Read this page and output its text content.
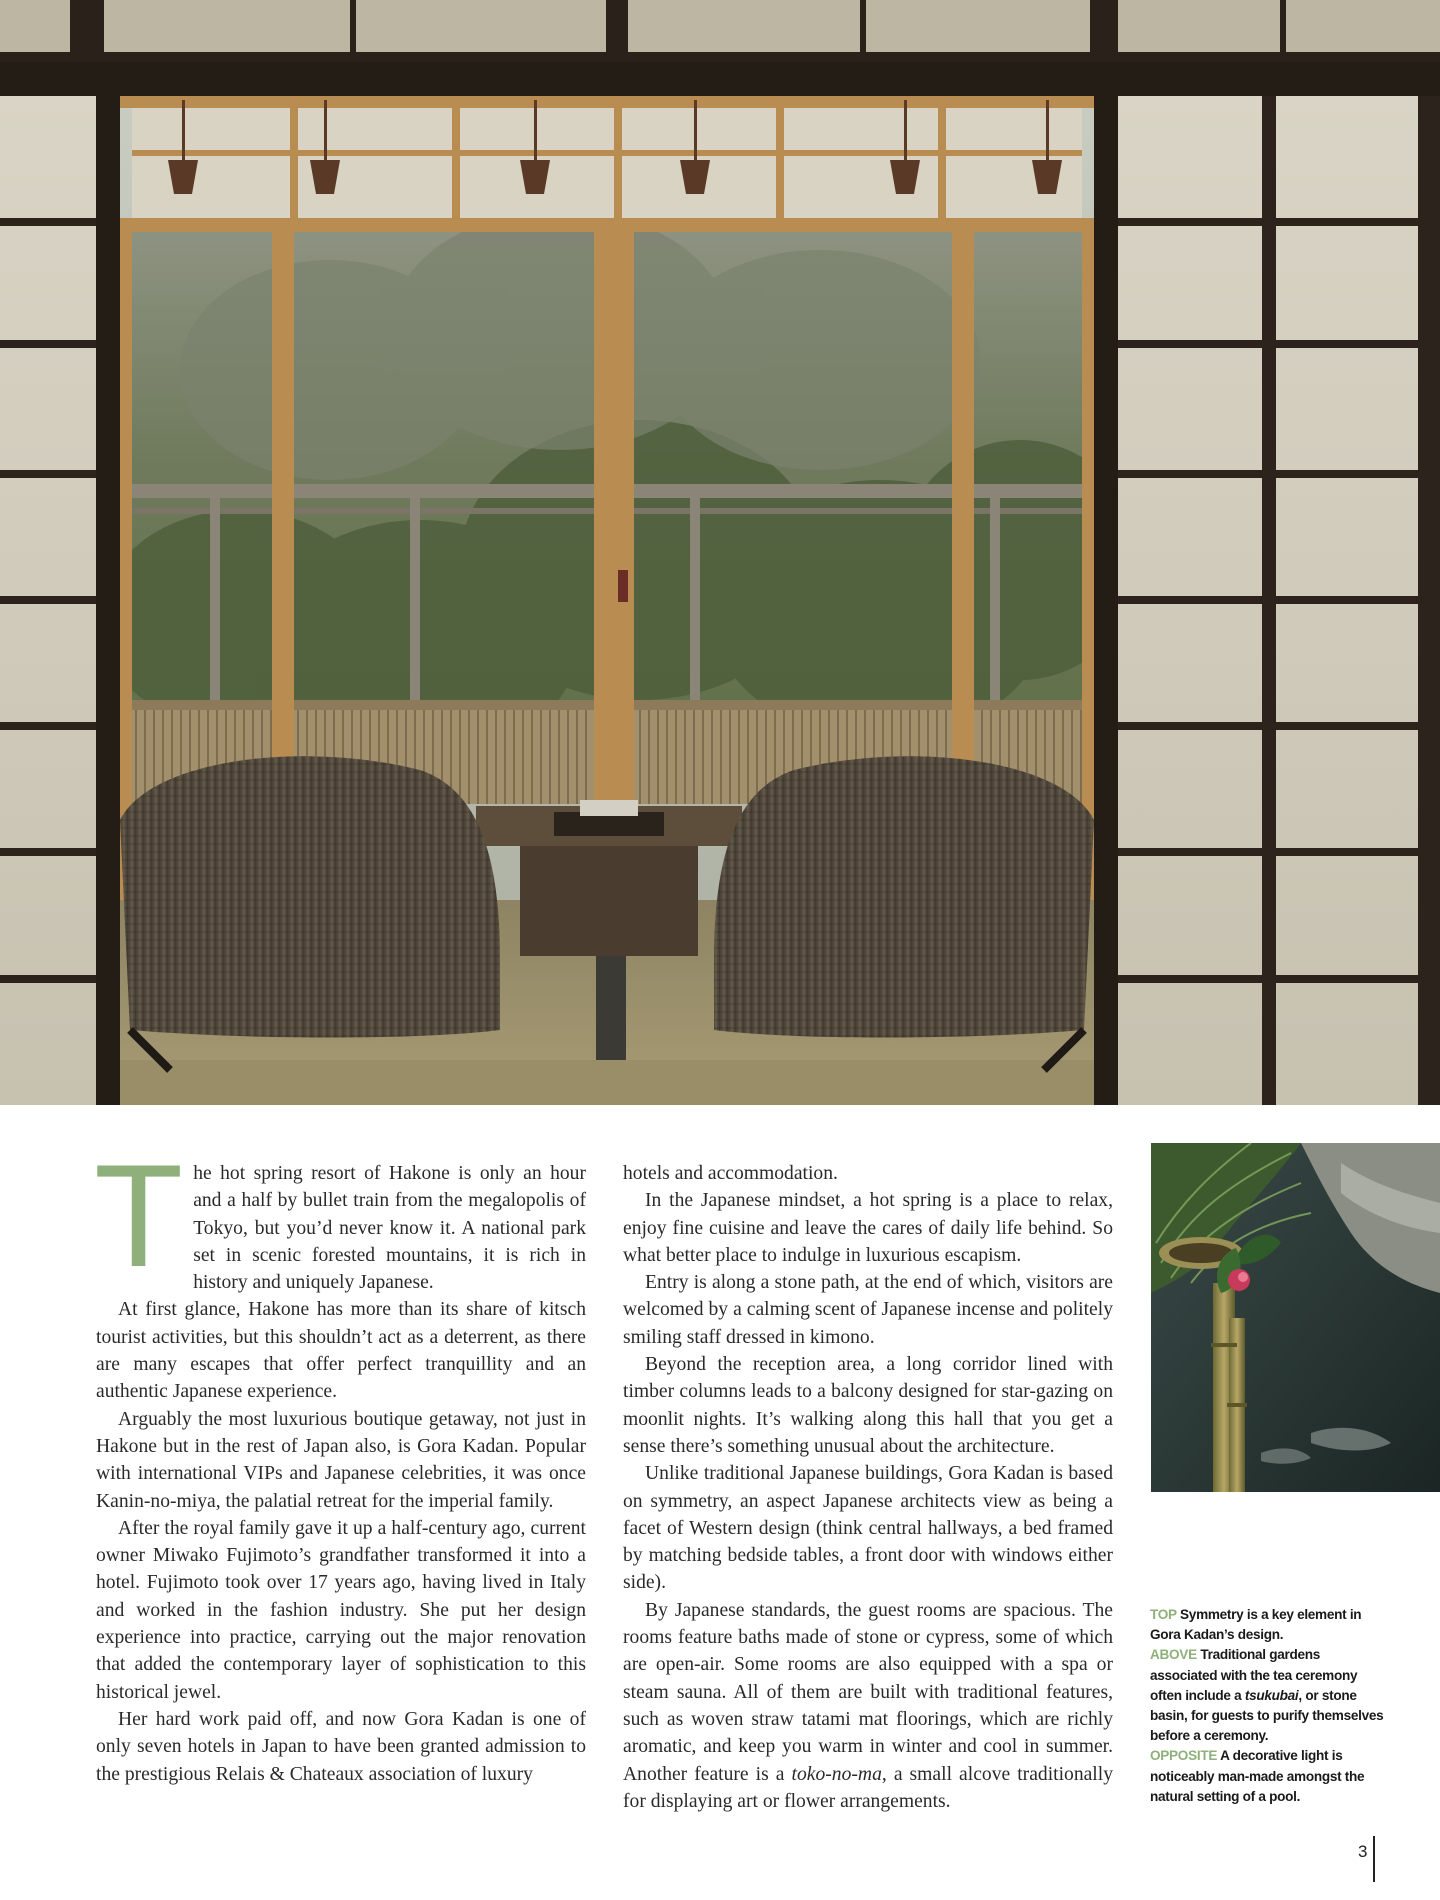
The hot spring resort of Hakone is only an hour and a half by bullet train from the megalopolis of Tokyo, but you’d never know it. A national park set in scenic forested mountains, it is rich in history and uniquely Japanese.

At first glance, Hakone has more than its share of kitsch tourist activities, but this shouldn’t act as a deterrent, as there are many escapes that offer perfect tranquillity and an authentic Japanese experience.

Arguably the most luxurious boutique getaway, not just in Hakone but in the rest of Japan also, is Gora Kadan. Popular with international VIPs and Japanese celebrities, it was once Kanin-no-miya, the palatial retreat for the imperial family.

After the royal family gave it up a half-century ago, current owner Miwako Fujimoto’s grandfather transformed it into a hotel. Fujimoto took over 17 years ago, having lived in Italy and worked in the fashion industry. She put her design experience into practice, carrying out the major renovation that added the contemporary layer of sophistication to this historical jewel.

Her hard work paid off, and now Gora Kadan is one of only seven hotels in Japan to have been granted admission to the prestigious Relais & Chateaux association of luxury

hotels and accommodation.

In the Japanese mindset, a hot spring is a place to relax, enjoy fine cuisine and leave the cares of daily life behind. So what better place to indulge in luxurious escapism.

Entry is along a stone path, at the end of which, visitors are welcomed by a calming scent of Japanese incense and politely smiling staff dressed in kimono.

Beyond the reception area, a long corridor lined with timber columns leads to a balcony designed for star-gazing on moonlit nights. It’s walking along this hall that you get a sense there’s something unusual about the architecture.

Unlike traditional Japanese buildings, Gora Kadan is based on symmetry, an aspect Japanese architects view as being a facet of Western design (think central hallways, a bed framed by matching bedside tables, a front door with windows either side).

By Japanese standards, the guest rooms are spacious. The rooms feature baths made of stone or cypress, some of which are open-air. Some rooms are also equipped with a spa or steam sauna. All of them are built with traditional features, such as woven straw tatami mat floorings, which are richly aromatic, and keep you warm in winter and cool in summer. Another feature is a toko-no-ma, a small alcove traditionally for displaying art or flower arrangements.

TOP Symmetry is a key element in Gora Kadan’s design.

ABOVE Traditional gardens associated with the tea ceremony often include a tsukubai, or stone basin, for guests to purify themselves before a ceremony.

OPPOSITE A decorative light is noticeably man-made amongst the natural setting of a pool.

3
